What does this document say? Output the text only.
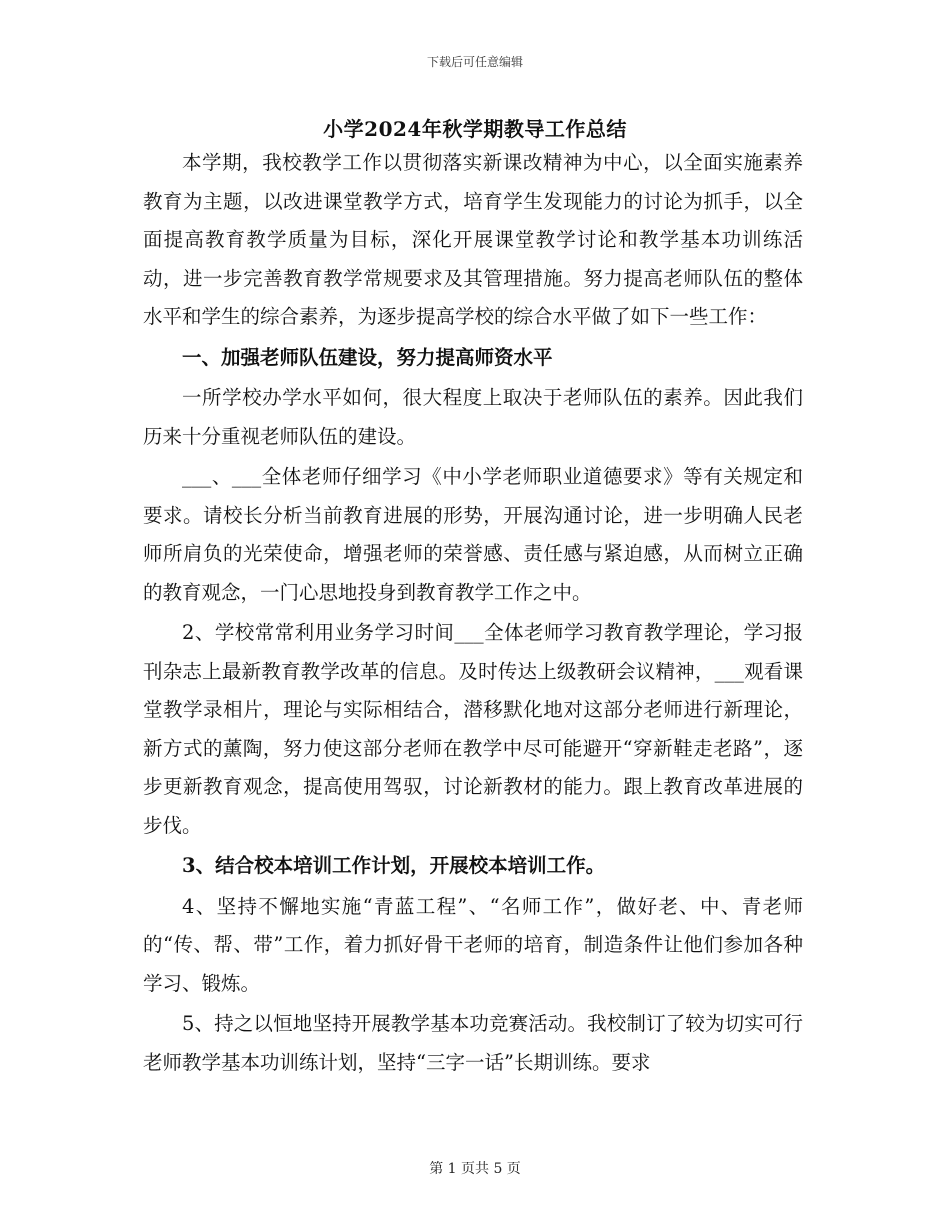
下载后可任意编辑
小学2024年秋学期教导工作总结

本学期，我校教学工作以贯彻落实新课改精神为中心，以全面实施素养教育为主题，以改进课堂教学方式，培育学生发现能力的讨论为抓手，以全面提高教育教学质量为目标，深化开展课堂教学讨论和教学基本功训练活动，进一步完善教育教学常规要求及其管理措施。努力提高老师队伍的整体水平和学生的综合素养，为逐步提高学校的综合水平做了如下一些工作：

一、加强老师队伍建设，努力提高师资水平

一所学校办学水平如何，很大程度上取决于老师队伍的素养。因此我们历来十分重视老师队伍的建设。

___、___全体老师仔细学习《中小学老师职业道德要求》等有关规定和要求。请校长分析当前教育进展的形势，开展沟通讨论，进一步明确人民老师所肩负的光荣使命，增强老师的荣誉感、责任感与紧迫感，从而树立正确的教育观念，一门心思地投身到教育教学工作之中。

2、学校常常利用业务学习时间___全体老师学习教育教学理论，学习报刊杂志上最新教育教学改革的信息。及时传达上级教研会议精神，___观看课堂教学录相片，理论与实际相结合，潜移默化地对这部分老师进行新理论，新方式的薰陶，努力使这部分老师在教学中尽可能避开“穿新鞋走老路”，逐步更新教育观念，提高使用驾驭，讨论新教材的能力。跟上教育改革进展的步伐。

3、结合校本培训工作计划，开展校本培训工作。

4、坚持不懈地实施“青蓝工程”、“名师工作”，做好老、中、青老师的“传、帮、带”工作，着力抓好骨干老师的培育，制造条件让他们参加各种学习、锻炼。

5、持之以恒地坚持开展教学基本功竞赛活动。我校制订了较为切实可行老师教学基本功训练计划，坚持“三字一话”长期训练。要求

第 1 页共 5 页
